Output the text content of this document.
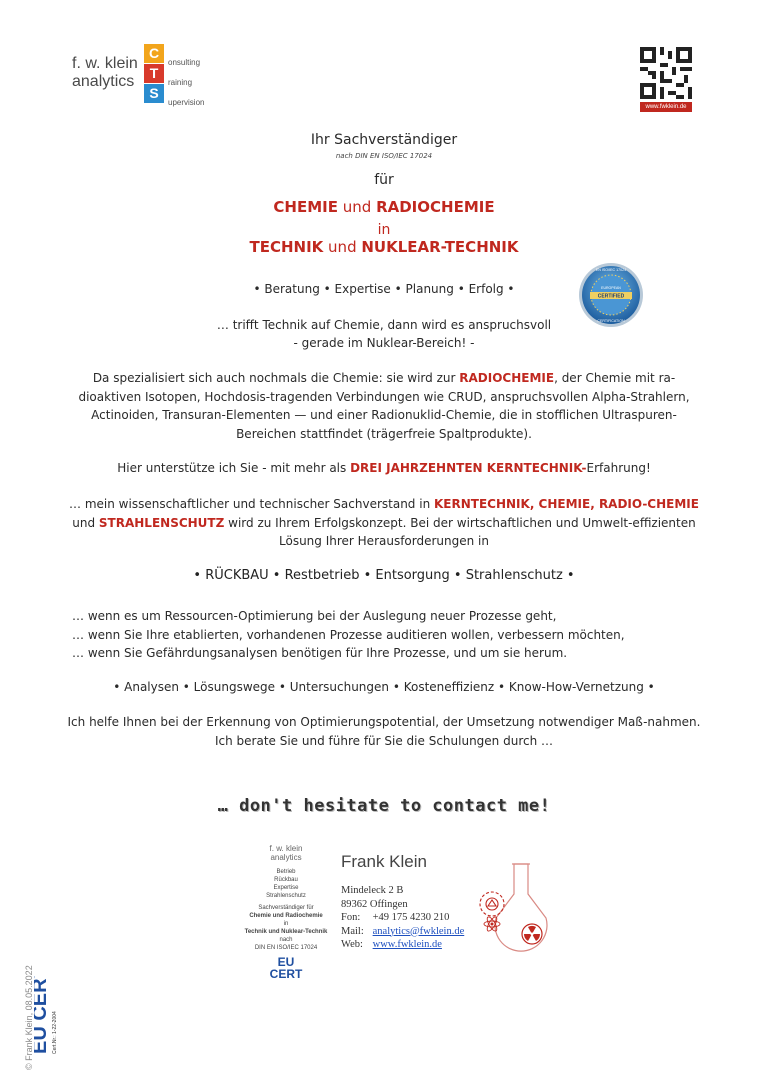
f. w. klein
analytics
C
T
S
onsulting
raining
upervision	www.fwklein.de
Ihr Sachverständiger
nach DIN EN ISO/IEC 17024
für
CHEMIE und RADIOCHEMIE
in
TECHNIK und NUKLEAR-TECHNIK
CERTIFIED
EUROPEAN
EN ISO/IEC 17024
CERTIFICATION
• Beratung • Expertise • Planung • Erfolg •
… trifft Technik auf Chemie, dann wird es anspruchsvoll
- gerade im Nuklear-Bereich! -
Da spezialisiert sich auch nochmals die Chemie: sie wird zur RADIOCHEMIE, der Chemie mit ra-dioaktiven Isotopen, Hochdosis-tragenden Verbindungen wie CRUD, anspruchsvollen Alpha-Strahlern, Actinoiden, Transuran-Elementen — und einer Radionuklid-Chemie, die in stofflichen Ultraspuren-Bereichen stattfindet (trägerfreie Spaltprodukte).
Hier unterstütze ich Sie - mit mehr als DREI JAHRZEHNTEN KERNTECHNIK-Erfahrung!
… mein wissenschaftlicher und technischer Sachverstand in KERNTECHNIK, CHEMIE, RADIO-CHEMIE und STRAHLENSCHUTZ wird zu Ihrem Erfolgskonzept. Bei der wirtschaftlichen und Umwelt-effizienten Lösung Ihrer Herausforderungen in
• RÜCKBAU • Restbetrieb • Entsorgung • Strahlenschutz •
… wenn es um Ressourcen-Optimierung bei der Auslegung neuer Prozesse geht,
… wenn Sie Ihre etablierten, vorhandenen Prozesse auditieren wollen, verbessern möchten,
… wenn Sie Gefährdungsanalysen benötigen für Ihre Prozesse, und um sie herum.
• Analysen • Lösungswege • Untersuchungen • Kosteneffizienz • Know-How-Vernetzung •
Ich helfe Ihnen bei der Erkennung von Optimierungspotential, der Umsetzung notwendiger Maß-nahmen. Ich berate Sie und führe für Sie die Schulungen durch …
… don't hesitate to contact me!
f. w. klein
analytics
Betrieb
Rückbau
Expertise
Strahlenschutz
Sachverständiger für
Chemie und Radiochemie
in
Technik und Nuklear-Technik
nach
DIN EN ISO/IEC 17024
EU CERT
Frank Klein
Mindeleck 2 B
89362 Offingen
Fon: +49 175 4230 210
Mail: analytics@fwklein.de
Web: www.fwklein.de
© Frank Klein, 08.05.2022
EU CER
Cert.Nr.: 1-22-2004
